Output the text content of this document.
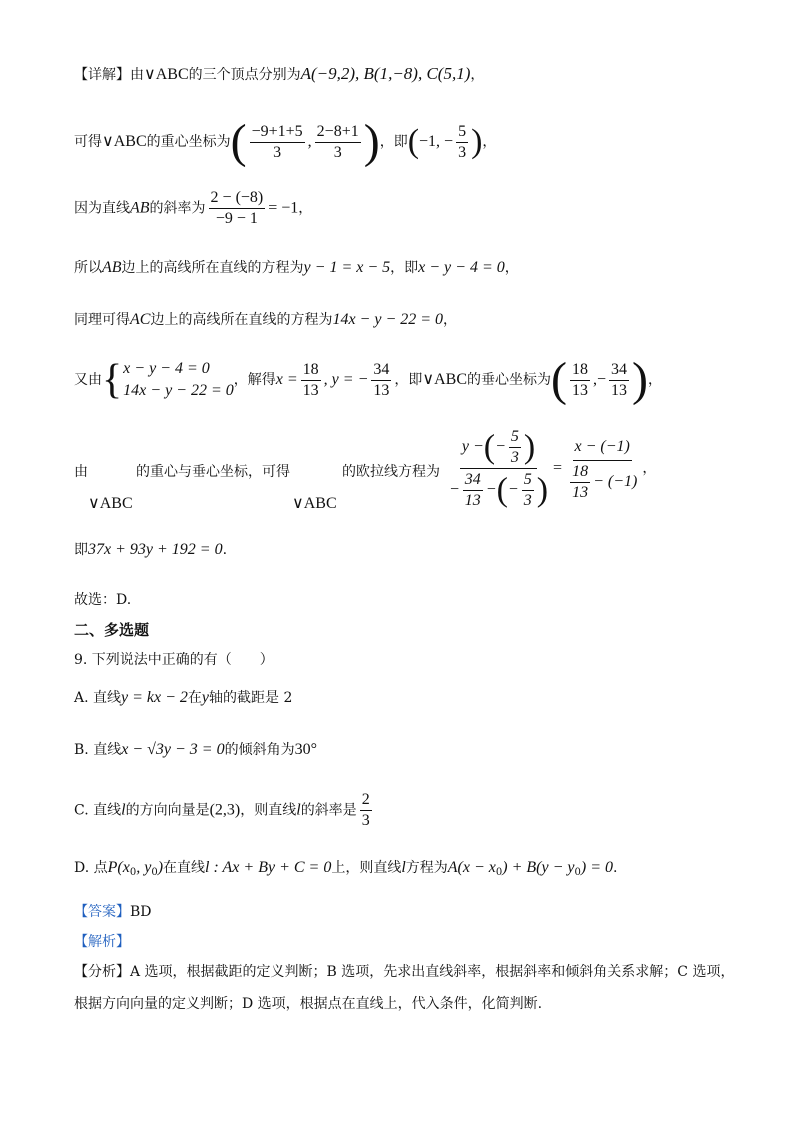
【详解】由∨ABC的三个顶点分别为A(−9,2), B(1,−8), C(5,1)，
可得∨ABC的重心坐标为( $\frac{-9+1+5}{3}$ , $\frac{2-8+1}{3}$ )，即(−1, − $\frac{5}{3}$ )，
因为直线AB的斜率为 $\frac{2 - (-8)}{-9 - 1} = -1$，
所以AB边上的高线所在直线的方程为y − 1 = x − 5，即x − y − 4 = 0，
同理可得AC边上的高线所在直线的方程为14x − y − 22 = 0，
又由 { x − y − 4 = 0
14x − y − 22 = 0
，解得$x = \frac{18}{13}$ , y = − $\frac{34}{13}$ ，即∨ABC的垂心坐标为( $\frac{18}{13}$ ,− $\frac{34}{13}$ )，
由	的重心与垂心坐标，可得	的欧拉线方程为
∨ABC	∨ABC	$\frac{y -(- \frac{5}{3} )}{- \frac{34}{13} -(- \frac{5}{3} )} = \frac{x - (-1)}{\frac{18}{13} - (-1)}$ ，
即37x + 93y + 192 = 0.
故选：D.
二、多选题
9. 下列说法中正确的有（　　）
A. 直线y = kx − 2在y轴的截距是 2
B. 直线x − √3y − 3 = 0的倾斜角为30°
C. 直线l的方向向量是(2,3)，则直线l的斜率是 $\frac{2}{3}$
D. 点$P(x_0$, $y_0$)在直线l : Ax + By + C = 0上，则直线l方程为$A(x - x_0) + B(y - y_0) = 0$.
【答案】BD
【解析】
【分析】A 选项，根据截距的定义判断；B 选项，先求出直线斜率，根据斜率和倾斜角关系求解；C 选项，
根据方向向量的定义判断；D 选项，根据点在直线上，代入条件，化简判断.
